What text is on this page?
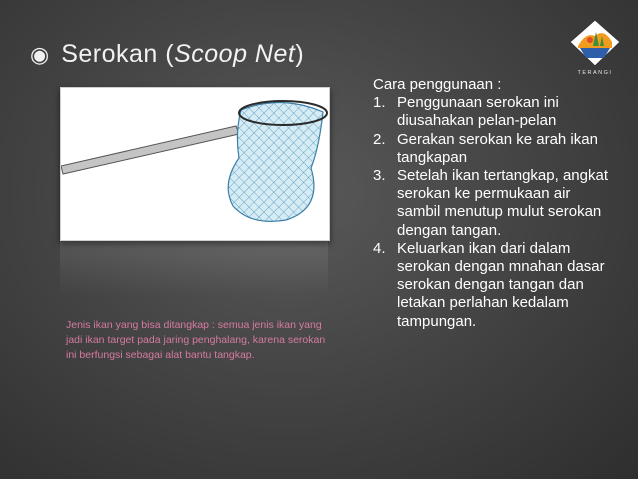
◉ Serokan (Scoop Net)
TERANGI

Jenis ikan yang bisa ditangkap : semua jenis ikan yang jadi ikan target pada jaring penghalang, karena serokan ini berfungsi sebagai alat bantu tangkap.

Cara penggunaan :
1. Penggunaan serokan ini diusahakan pelan-pelan
2. Gerakan serokan ke arah ikan tangkapan
3. Setelah ikan tertangkap, angkat serokan ke permukaan air sambil menutup mulut serokan dengan tangan.
4. Keluarkan ikan dari dalam serokan dengan mnahan dasar serokan dengan tangan dan letakan perlahan kedalam tampungan.
